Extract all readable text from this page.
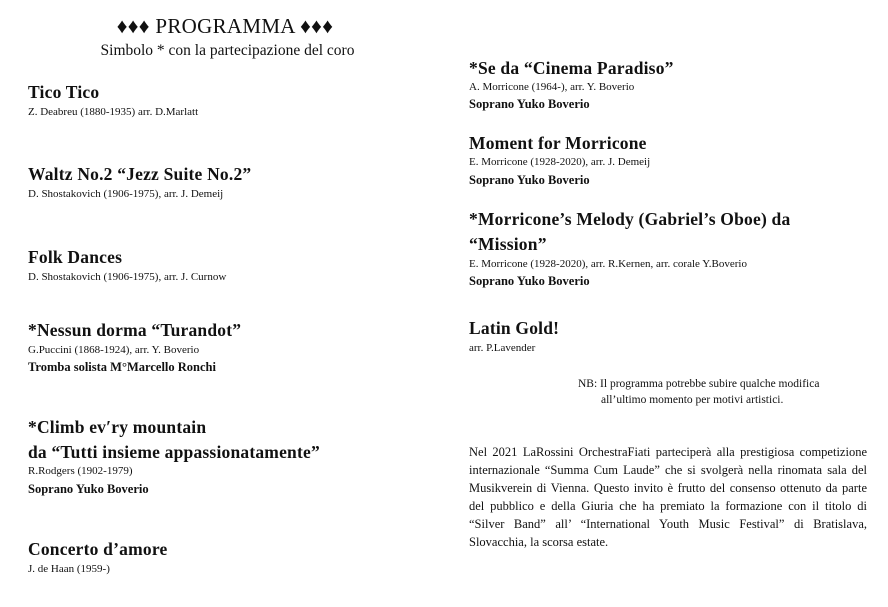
♦♦♦ PROGRAMMA ♦♦♦
Simbolo * con la partecipazione del coro
Tico Tico
Z. Deabreu (1880-1935) arr. D.Marlatt
Waltz No.2 “Jezz Suite No.2”
D. Shostakovich (1906-1975), arr. J. Demeij
Folk Dances
D. Shostakovich (1906-1975), arr. J. Curnow
*Nessun dorma “Turandot”
G.Puccini (1868-1924), arr. Y. Boverio
Tromba solista M°Marcello Ronchi
*Climb ev′ry mountain
da “Tutti insieme appassionatamente”
R.Rodgers (1902-1979)
Soprano Yuko Boverio
Concerto d’amore
J. de Haan (1959-)
*Se da “Cinema Paradiso”
A. Morricone (1964-), arr. Y. Boverio
Soprano Yuko Boverio
Moment for Morricone
E. Morricone (1928-2020), arr. J. Demeij
Soprano Yuko Boverio
*Morricone’s Melody (Gabriel’s Oboe) da
“Mission”
E. Morricone (1928-2020), arr. R.Kernen, arr. corale Y.Boverio
Soprano Yuko Boverio
Latin Gold!
arr. P.Lavender
NB: Il programma potrebbe subire qualche modifica
all’ultimo momento per motivi artistici.
Nel 2021 LaRossini OrchestraFiati parteciperà alla prestigiosa competizione internazionale “Summa Cum Laude” che si svolgerà nella rinomata sala del Musikverein di Vienna. Questo invito è frutto del consenso ottenuto da parte del pubblico e della Giuria che ha premiato la formazione con il titolo di “Silver Band” all’ “International Youth Music Festival” di Bratislava, Slovacchia, la scorsa estate.
